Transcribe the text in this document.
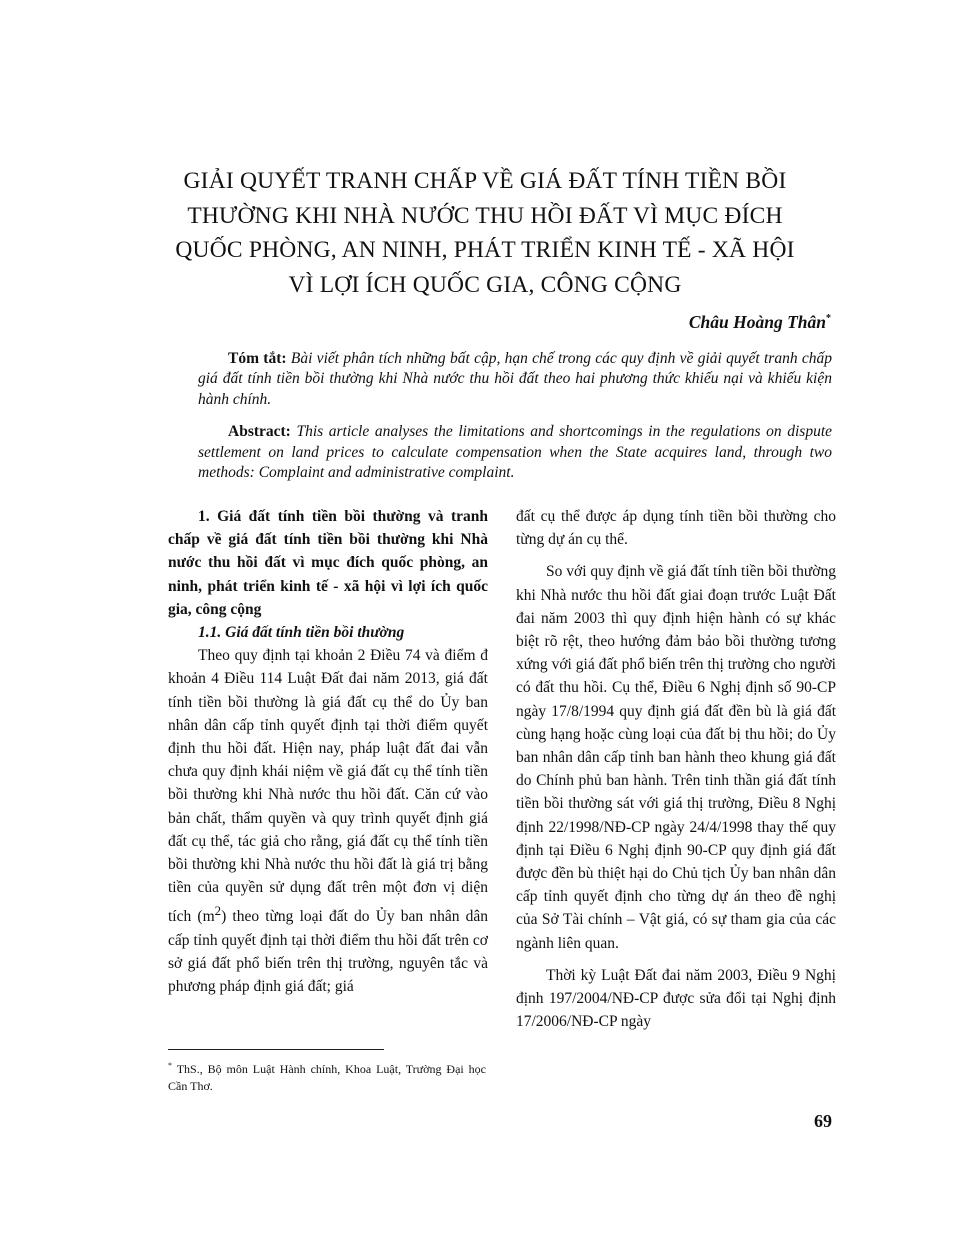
GIẢI QUYẾT TRANH CHẤP VỀ GIÁ ĐẤT TÍNH TIỀN BỒI
THƯỜNG KHI NHÀ NƯỚC THU HỒI ĐẤT VÌ MỤC ĐÍCH
QUỐC PHÒNG, AN NINH, PHÁT TRIỂN KINH TẾ - XÃ HỘI
VÌ LỢI ÍCH QUỐC GIA, CÔNG CỘNG
Châu Hoàng Thân*

Tóm tắt: Bài viết phân tích những bất cập, hạn chế trong các quy định về giải quyết tranh chấp giá đất tính tiền bồi thường khi Nhà nước thu hồi đất theo hai phương thức khiếu nại và khiếu kiện hành chính.

Abstract: This article analyses the limitations and shortcomings in the regulations on dispute settlement on land prices to calculate compensation when the State acquires land, through two methods: Complaint and administrative complaint.

1. Giá đất tính tiền bồi thường và tranh chấp về giá đất tính tiền bồi thường khi Nhà nước thu hồi đất vì mục đích quốc phòng, an ninh, phát triển kinh tế - xã hội vì lợi ích quốc gia, công cộng

1.1. Giá đất tính tiền bồi thường

Theo quy định tại khoản 2 Điều 74 và điểm đ khoản 4 Điều 114 Luật Đất đai năm 2013, giá đất tính tiền bồi thường là giá đất cụ thể do Ủy ban nhân dân cấp tỉnh quyết định tại thời điểm quyết định thu hồi đất. Hiện nay, pháp luật đất đai vẫn chưa quy định khái niệm về giá đất cụ thể tính tiền bồi thường khi Nhà nước thu hồi đất. Căn cứ vào bản chất, thẩm quyền và quy trình quyết định giá đất cụ thể, tác giả cho rằng, giá đất cụ thể tính tiền bồi thường khi Nhà nước thu hồi đất là giá trị bằng tiền của quyền sử dụng đất trên một đơn vị diện tích $(m^2)$ theo từng loại đất do Ủy ban nhân dân cấp tỉnh quyết định tại thời điểm thu hồi đất trên cơ sở giá đất phổ biến trên thị trường, nguyên tắc và phương pháp định giá đất; giá

đất cụ thể được áp dụng tính tiền bồi thường cho từng dự án cụ thể.

So với quy định về giá đất tính tiền bồi thường khi Nhà nước thu hồi đất giai đoạn trước Luật Đất đai năm 2003 thì quy định hiện hành có sự khác biệt rõ rệt, theo hướng đảm bảo bồi thường tương xứng với giá đất phổ biến trên thị trường cho người có đất thu hồi. Cụ thể, Điều 6 Nghị định số 90-CP ngày 17/8/1994 quy định giá đất đền bù là giá đất cùng hạng hoặc cùng loại của đất bị thu hồi; do Ủy ban nhân dân cấp tỉnh ban hành theo khung giá đất do Chính phủ ban hành. Trên tinh thần giá đất tính tiền bồi thường sát với giá thị trường, Điều 8 Nghị định 22/1998/NĐ-CP ngày 24/4/1998 thay thế quy định tại Điều 6 Nghị định 90-CP quy định giá đất được đền bù thiệt hại do Chủ tịch Ủy ban nhân dân cấp tỉnh quyết định cho từng dự án theo đề nghị của Sở Tài chính – Vật giá, có sự tham gia của các ngành liên quan.

Thời kỳ Luật Đất đai năm 2003, Điều 9 Nghị định 197/2004/NĐ-CP được sửa đổi tại Nghị định 17/2006/NĐ-CP ngày

* ThS., Bộ môn Luật Hành chính, Khoa Luật, Trường Đại học Cần Thơ.
69
